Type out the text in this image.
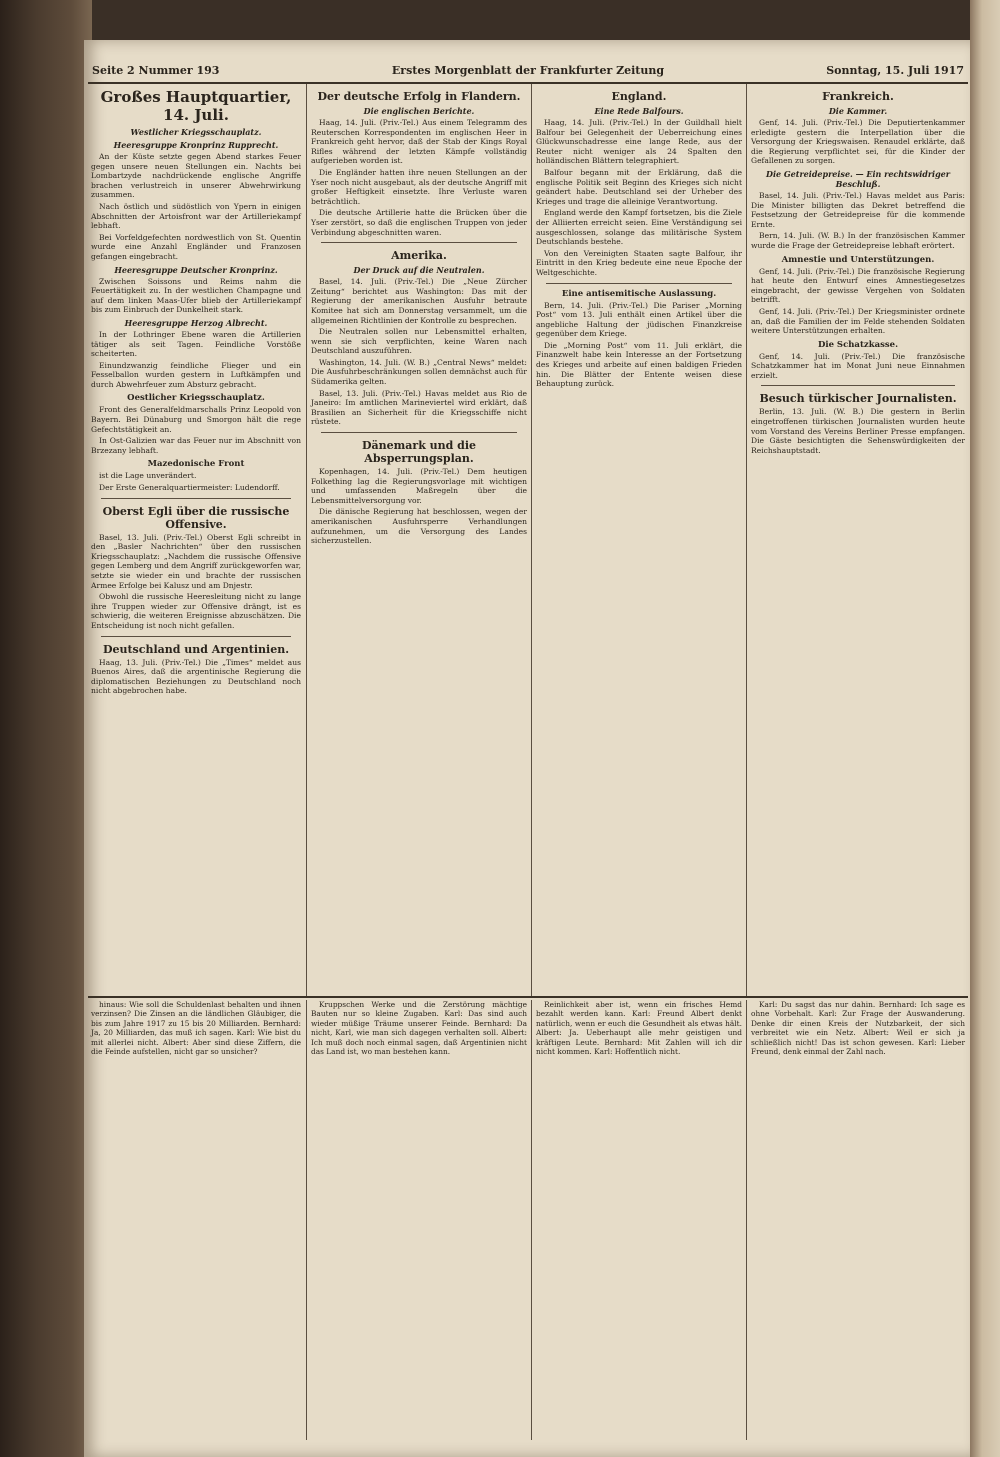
Seite 2 Nummer 193	Erstes Morgenblatt der Frankfurter Zeitung	Sonntag, 15. Juli 1917
Großes Hauptquartier, 14. Juli.
Westlicher Kriegsschauplatz.
Heeresgruppe Kronprinz Rupprecht.

An der Küste setzte gegen Abend starkes Feuer gegen unsere neuen Stellungen ein. Nachts bei Lombartzyde nachdrückende englische Angriffe brachen verlustreich in unserer Abwehrwirkung zusammen.

Nach östlich und südöstlich von Ypern in einigen Abschnitten der Artoisfront war der Artilleriekampf lebhaft.

Bei Vorfeldgefechten nordwestlich von St. Quentin wurde eine Anzahl Engländer und Franzosen gefangen eingebracht.

Heeresgruppe Deutscher Kronprinz.

Zwischen Soissons und Reims nahm die Feuertätigkeit zu. In der westlichen Champagne und auf dem linken Maas-Ufer blieb der Artilleriekampf bis zum Einbruch der Dunkelheit stark.

Heeresgruppe Herzog Albrecht.

In der Lothringer Ebene waren die Artillerien tätiger als seit Tagen. Feindliche Vorstöße scheiterten.

Einundzwanzig feindliche Flieger und ein Fesselballon wurden gestern in Luftkämpfen und durch Abwehrfeuer zum Absturz gebracht.

Oestlicher Kriegsschauplatz.

Front des Generalfeldmarschalls Prinz Leopold von Bayern. Bei Dünaburg und Smorgon hält die rege Gefechtstätigkeit an.

In Ost-Galizien war das Feuer nur im Abschnitt von Brzezany lebhaft.

Mazedonische Front

ist die Lage unverändert.

Der Erste Generalquartiermeister: Ludendorff.

Oberst Egli über die russische Offensive.

Basel, 13. Juli. (Priv.-Tel.) Oberst Egli schreibt in den „Basler Nachrichten“ über den russischen Kriegsschauplatz: „Nachdem die russische Offensive gegen Lemberg und dem Angriff zurückgeworfen war, setzte sie wieder ein und brachte der russischen Armee Erfolge bei Kalusz und am Dnjestr.

Obwohl die russische Heeresleitung nicht zu lange ihre Truppen wieder zur Offensive drängt, ist es schwierig, die weiteren Ereignisse abzuschätzen. Die Entscheidung ist noch nicht gefallen.

Deutschland und Argentinien.

Haag, 13. Juli. (Priv.-Tel.) Die „Times“ meldet aus Buenos Aires, daß die argentinische Regierung die diplomatischen Beziehungen zu Deutschland noch nicht abgebrochen habe.

Der deutsche Erfolg in Flandern.
Die englischen Berichte.

Haag, 14. Juli. (Priv.-Tel.) Aus einem Telegramm des Reuterschen Korrespondenten im englischen Heer in Frankreich geht hervor, daß der Stab der Kings Royal Rifles während der letzten Kämpfe vollständig aufgerieben worden ist.

Die Engländer hatten ihre neuen Stellungen an der Yser noch nicht ausgebaut, als der deutsche Angriff mit großer Heftigkeit einsetzte. Ihre Verluste waren beträchtlich.

Die deutsche Artillerie hatte die Brücken über die Yser zerstört, so daß die englischen Truppen von jeder Verbindung abgeschnitten waren.

Amerika.
Der Druck auf die Neutralen.

Basel, 14. Juli. (Priv.-Tel.) Die „Neue Zürcher Zeitung“ berichtet aus Washington: Das mit der Regierung der amerikanischen Ausfuhr betraute Komitee hat sich am Donnerstag versammelt, um die allgemeinen Richtlinien der Kontrolle zu besprechen.

Die Neutralen sollen nur Lebensmittel erhalten, wenn sie sich verpflichten, keine Waren nach Deutschland auszuführen.

Washington, 14. Juli. (W. B.) „Central News“ meldet: Die Ausfuhrbeschränkungen sollen demnächst auch für Südamerika gelten.

Basel, 13. Juli. (Priv.-Tel.) Havas meldet aus Rio de Janeiro: Im amtlichen Marineviertel wird erklärt, daß Brasilien an Sicherheit für die Kriegsschiffe nicht rüstete.

Dänemark und die Absperrungsplan.

Kopenhagen, 14. Juli. (Priv.-Tel.) Dem heutigen Folkething lag die Regierungsvorlage mit wichtigen und umfassenden Maßregeln über die Lebensmittelversorgung vor.

Die dänische Regierung hat beschlossen, wegen der amerikanischen Ausfuhrsperre Verhandlungen aufzunehmen, um die Versorgung des Landes sicherzustellen.

England.
Eine Rede Balfours.

Haag, 14. Juli. (Priv.-Tel.) In der Guildhall hielt Balfour bei Gelegenheit der Ueberreichung eines Glückwunschadresse eine lange Rede, aus der Reuter nicht weniger als 24 Spalten den holländischen Blättern telegraphiert.

Balfour begann mit der Erklärung, daß die englische Politik seit Beginn des Krieges sich nicht geändert habe. Deutschland sei der Urheber des Krieges und trage die alleinige Verantwortung.

England werde den Kampf fortsetzen, bis die Ziele der Alliierten erreicht seien. Eine Verständigung sei ausgeschlossen, solange das militärische System Deutschlands bestehe.

Von den Vereinigten Staaten sagte Balfour, ihr Eintritt in den Krieg bedeute eine neue Epoche der Weltgeschichte.

Eine antisemitische Auslassung.

Bern, 14. Juli. (Priv.-Tel.) Die Pariser „Morning Post“ vom 13. Juli enthält einen Artikel über die angebliche Haltung der jüdischen Finanzkreise gegenüber dem Kriege.

Die „Morning Post“ vom 11. Juli erklärt, die Finanzwelt habe kein Interesse an der Fortsetzung des Krieges und arbeite auf einen baldigen Frieden hin. Die Blätter der Entente weisen diese Behauptung zurück.

Frankreich.
Die Kammer.

Genf, 14. Juli. (Priv.-Tel.) Die Deputiertenkammer erledigte gestern die Interpellation über die Versorgung der Kriegswaisen. Renaudel erklärte, daß die Regierung verpflichtet sei, für die Kinder der Gefallenen zu sorgen.

Die Getreidepreise. — Ein rechtswidriger Beschluß.

Basel, 14. Juli. (Priv.-Tel.) Havas meldet aus Paris: Die Minister billigten das Dekret betreffend die Festsetzung der Getreidepreise für die kommende Ernte.

Bern, 14. Juli. (W. B.) In der französischen Kammer wurde die Frage der Getreidepreise lebhaft erörtert.

Amnestie und Unterstützungen.

Genf, 14. Juli. (Priv.-Tel.) Die französische Regierung hat heute den Entwurf eines Amnestiegesetzes eingebracht, der gewisse Vergehen von Soldaten betrifft.

Genf, 14. Juli. (Priv.-Tel.) Der Kriegsminister ordnete an, daß die Familien der im Felde stehenden Soldaten weitere Unterstützungen erhalten.

Die Schatzkasse.

Genf, 14. Juli. (Priv.-Tel.) Die französische Schatzkammer hat im Monat Juni neue Einnahmen erzielt.

Besuch türkischer Journalisten.

Berlin, 13. Juli. (W. B.) Die gestern in Berlin eingetroffenen türkischen Journalisten wurden heute vom Vorstand des Vereins Berliner Presse empfangen. Die Gäste besichtigten die Sehenswürdigkeiten der Reichshauptstadt.

hinaus: Wie soll die Schuldenlast behalten und ihnen verzinsen? Die Zinsen an die ländlichen Gläubiger, die bis zum Jahre 1917 zu 15 bis 20 Milliarden. Bernhard: Ja, 20 Milliarden, das muß ich sagen. Karl: Wie bist du mit allerlei nicht. Albert: Aber sind diese Ziffern, die die Feinde aufstellen, nicht gar so unsicher?

Kruppschen Werke und die Zerstörung mächtige Bauten nur so kleine Zugaben. Karl: Das sind auch wieder müßige Träume unserer Feinde. Bernhard: Da nicht, Karl, wie man sich dagegen verhalten soll. Albert: Ich muß doch noch einmal sagen, daß Argentinien nicht das Land ist, wo man bestehen kann.

Reinlichkeit aber ist, wenn ein frisches Hemd bezahlt werden kann. Karl: Freund Albert denkt natürlich, wenn er euch die Gesundheit als etwas hält. Albert: Ja. Ueberhaupt alle mehr geistigen und kräftigen Leute. Bernhard: Mit Zahlen will ich dir nicht kommen. Karl: Hoffentlich nicht.

Karl: Du sagst das nur dahin. Bernhard: Ich sage es ohne Vorbehalt. Karl: Zur Frage der Auswanderung. Denke dir einen Kreis der Nutzbarkeit, der sich verbreitet wie ein Netz. Albert: Weil er sich ja schließlich nicht! Das ist schon gewesen. Karl: Lieber Freund, denk einmal der Zahl nach.
